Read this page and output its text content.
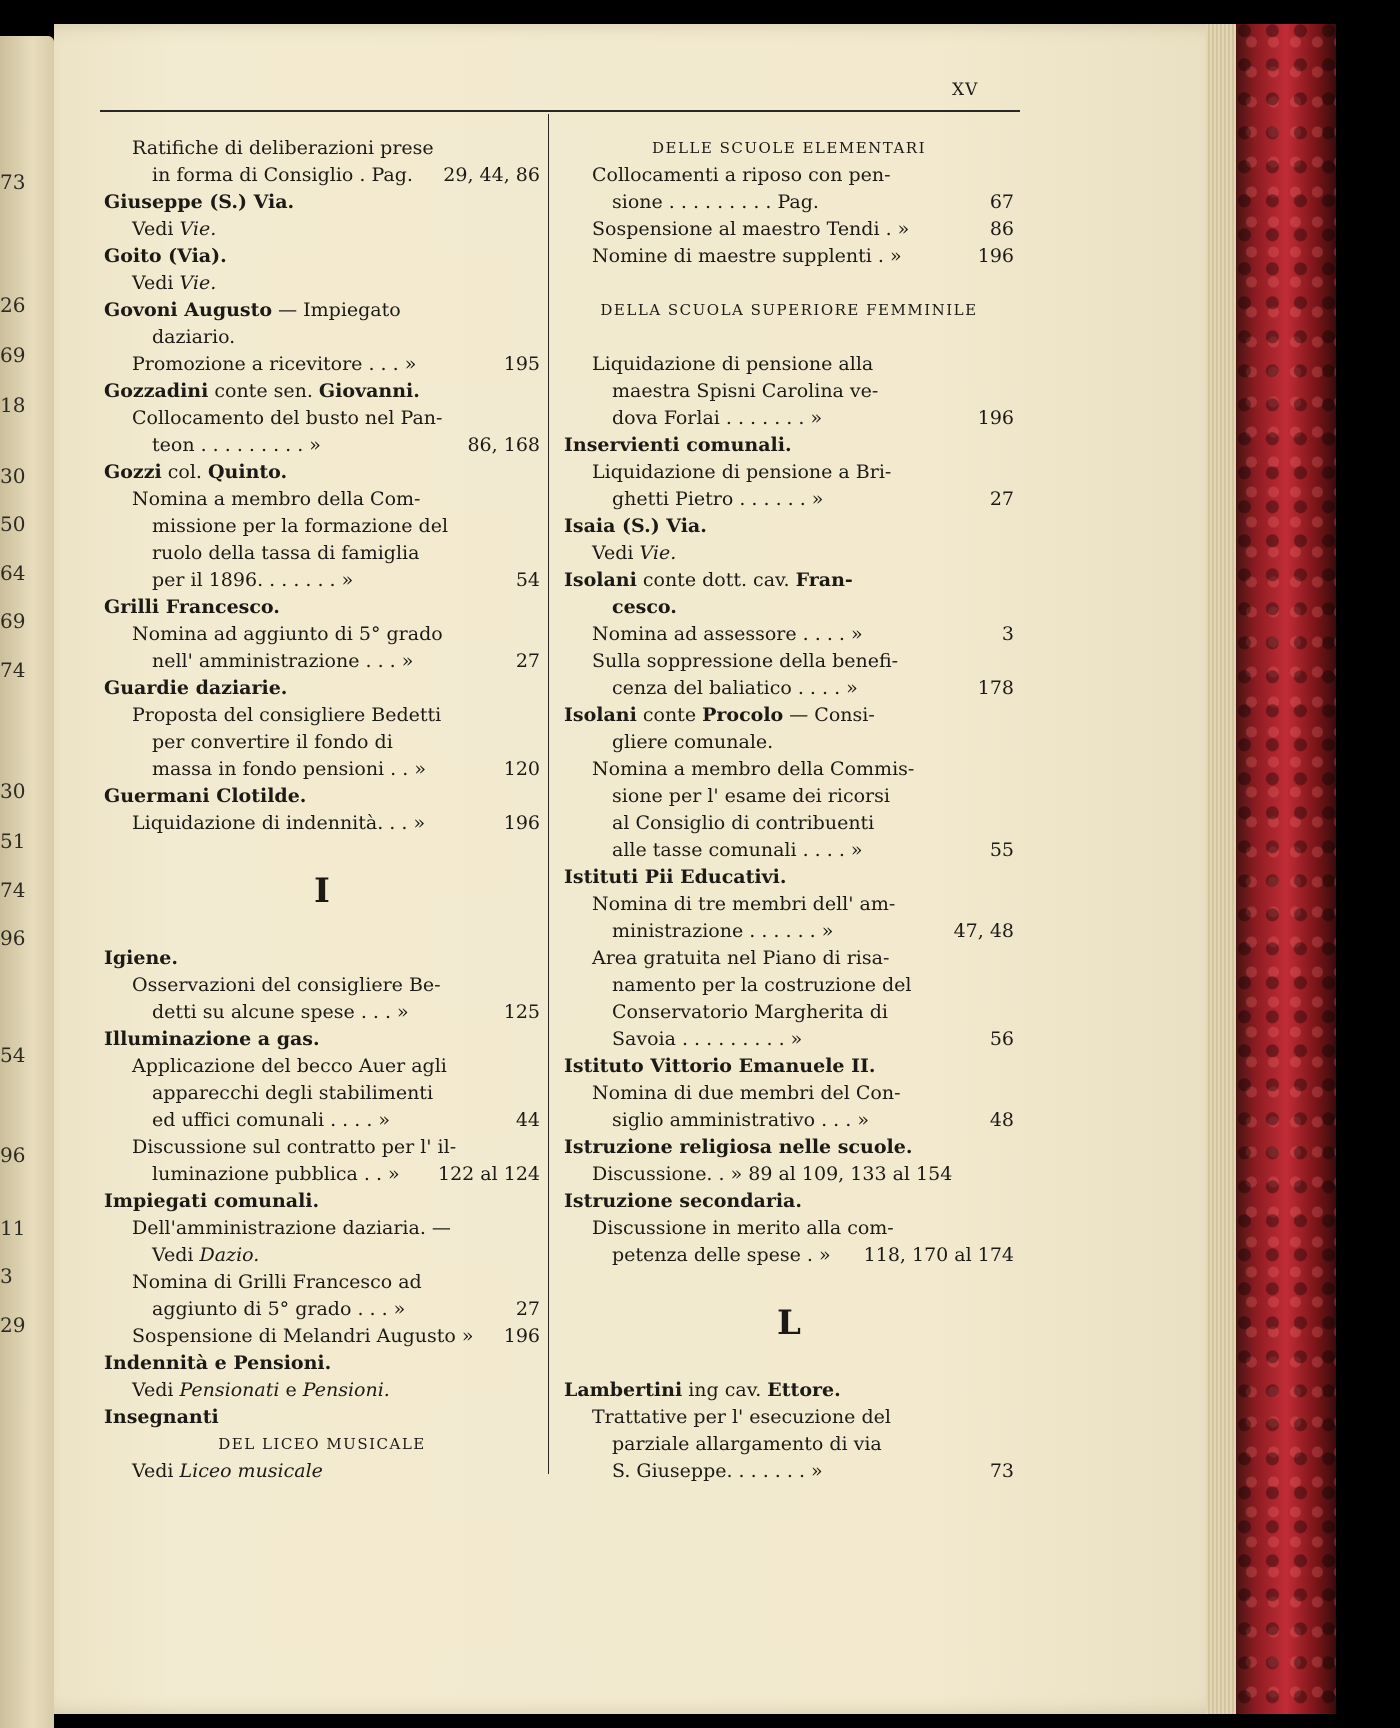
73
26
69
18
30
50
64
69
74
30
51
74
96
54
96
11
3
29
XV
Ratifiche di deliberazioni prese
in forma di Consiglio . Pag. 29, 44, 86
Giuseppe (S.) Via.
Vedi Vie.
Goito (Via).
Vedi Vie.
Govoni Augusto — Impiegato
daziario.
Promozione a ricevitore . . . »	195
Gozzadini conte sen. Giovanni.
Collocamento del busto nel Pan-
teon . . . . . . . . . »	86, 168
Gozzi col. Quinto.
Nomina a membro della Com-
missione per la formazione del
ruolo della tassa di famiglia
per il 1896. . . . . . . »	54
Grilli Francesco.
Nomina ad aggiunto di 5° grado
nell' amministrazione . . . »	27
Guardie daziarie.
Proposta del consigliere Bedetti
per convertire il fondo di
massa in fondo pensioni . . »	120
Guermani Clotilde.
Liquidazione di indennità. . . »	196
I
Igiene.
Osservazioni del consigliere Be-
detti su alcune spese . . . »	125
Illuminazione a gas.
Applicazione del becco Auer agli
apparecchi degli stabilimenti
ed uffici comunali . . . . »	44
Discussione sul contratto per l' il-
luminazione pubblica . . » 122 al 124
Impiegati comunali.
Dell'amministrazione daziaria. —
Vedi Dazio.
Nomina di Grilli Francesco ad
aggiunto di 5° grado . . . »	27
Sospensione di Melandri Augusto » 196
Indennità e Pensioni.
Vedi Pensionati e Pensioni.
Insegnanti
DEL LICEO MUSICALE
Vedi Liceo musicale
DELLE SCUOLE ELEMENTARI
Collocamenti a riposo con pen-
sione . . . . . . . . . Pag.	67
Sospensione al maestro Tendi . »	86
Nomine di maestre supplenti . »	196
DELLA SCUOLA SUPERIORE FEMMINILE
Liquidazione di pensione alla
maestra Spisni Carolina ve-
dova Forlai . . . . . . . »	196
Inservienti comunali.
Liquidazione di pensione a Bri-
ghetti Pietro . . . . . . »	27
Isaia (S.) Via.
Vedi Vie.
Isolani conte dott. cav. Fran-
cesco.
Nomina ad assessore . . . . »	3
Sulla soppressione della benefi-
cenza del baliatico . . . . »	178
Isolani conte Procolo — Consi-
gliere comunale.
Nomina a membro della Commis-
sione per l' esame dei ricorsi
al Consiglio di contribuenti
alle tasse comunali . . . . »	55
Istituti Pii Educativi.
Nomina di tre membri dell' am-
ministrazione . . . . . . »	47, 48
Area gratuita nel Piano di risa-
namento per la costruzione del
Conservatorio Margherita di
Savoia . . . . . . . . . »	56
Istituto Vittorio Emanuele II.
Nomina di due membri del Con-
siglio amministrativo . . . »	48
Istruzione religiosa nelle scuole.
Discussione. . » 89 al 109, 133 al 154
Istruzione secondaria.
Discussione in merito alla com-
petenza delle spese . » 118, 170 al 174
L
Lambertini ing cav. Ettore.
Trattative per l' esecuzione del
parziale allargamento di via
S. Giuseppe. . . . . . . »	73
